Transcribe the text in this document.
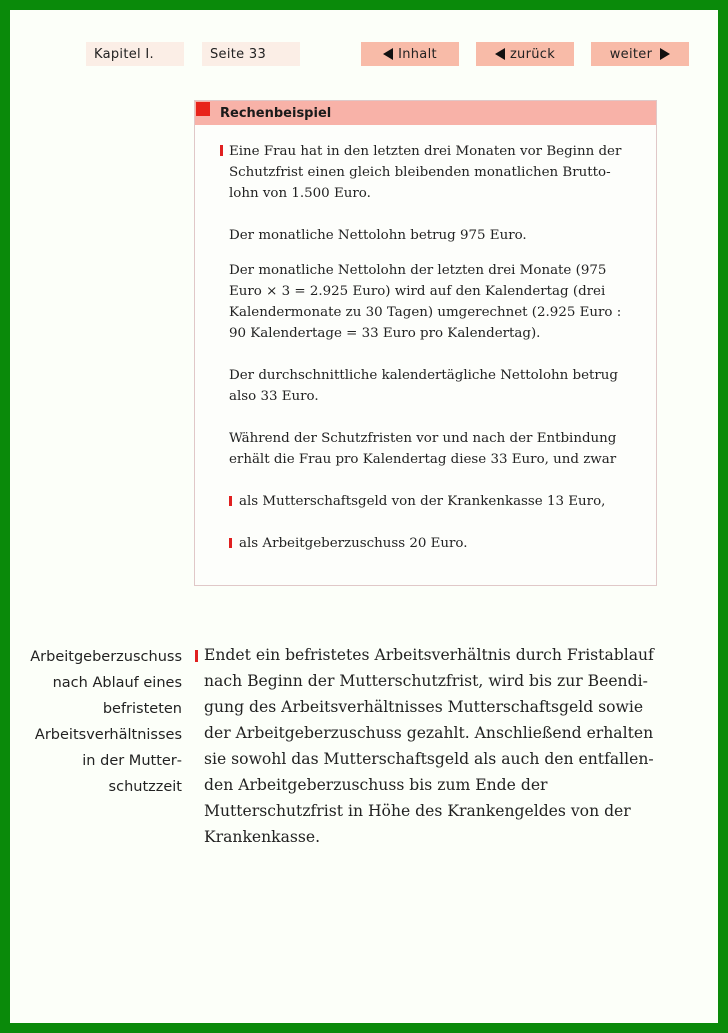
Kapitel I.	Seite 33	Inhalt	zurück	weiter
Rechenbeispiel

Eine Frau hat in den letzten drei Monaten vor Beginn der Schutzfrist einen gleich bleibenden monatlichen Bruttolohn von 1.500 Euro.

Der monatliche Nettolohn betrug 975 Euro.

Der monatliche Nettolohn der letzten drei Monate (975 Euro × 3 = 2.925 Euro) wird auf den Kalendertag (drei Kalendermonate zu 30 Tagen) umgerechnet (2.925 Euro : 90 Kalendertage = 33 Euro pro Kalendertag).

Der durchschnittliche kalendertägliche Nettolohn betrug also 33 Euro.

Während der Schutzfristen vor und nach der Entbindung erhält die Frau pro Kalendertag diese 33 Euro, und zwar

als Mutterschaftsgeld von der Krankenkasse 13 Euro,

als Arbeitgeberzuschuss 20 Euro.

Arbeitgeberzuschuss nach Ablauf eines befristeten Arbeitsverhältnisses in der Mutterschutzzeit
Endet ein befristetes Arbeitsverhältnis durch Fristablauf nach Beginn der Mutterschutzfrist, wird bis zur Beendigung des Arbeitsverhältnisses Mutterschaftsgeld sowie der Arbeitgeberzuschuss gezahlt. Anschließend erhalten sie sowohl das Mutterschaftsgeld als auch den entfallenden Arbeitgeberzuschuss bis zum Ende der Mutterschutzfrist in Höhe des Krankengeldes von der Krankenkasse.
